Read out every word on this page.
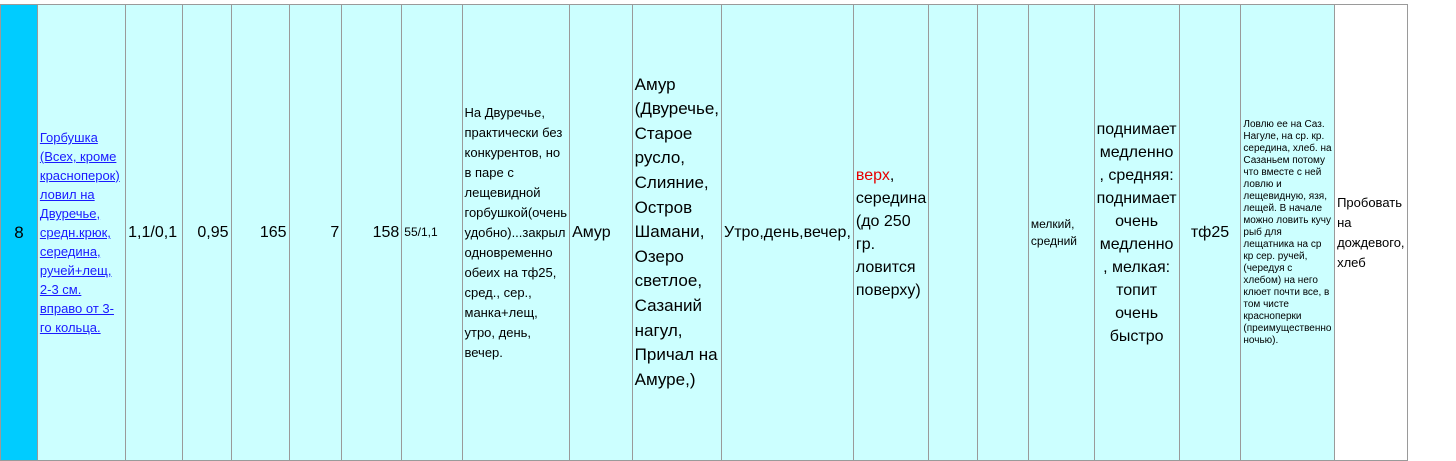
8	Горбушка (Всех, кроме красноперок) ловил на Двуречье, средн.крюк, середина, ручей+лещ, 2-3 см. вправо от 3-го кольца.	1,1/0,1	0,95	165	7	158	55/1,1	На Двуречье, практически без конкурентов, но в паре с лещевидной горбушкой(очень удобно)...закрыл одновременно обеих на тф25, сред., сер., манка+лещ, утро, день, вечер.	Амур	Амур (Двуречье, Старое русло, Слияние, Остров Шамани, Озеро светлое, Сазаний нагул, Причал на Амуре,)	Утро,день,вечер,	верх, середина (до 250 гр. ловится поверху)			мелкий, средний	поднимает медленно , средняя: поднимает очень медленно , мелкая: топит очень быстро	тф25	Ловлю ее на Саз. Нагуле, на ср. кр. середина, хлеб. на Сазаньем потому что вместе с ней ловлю и лещевидную, язя, лещей. В начале можно ловить кучу рыб для лещатника на ср кр сер. ручей, (чередуя с хлебом) на него клюет почти все, в том чисте красноперки (преимущественно ночью).	Пробовать на дождевого, хлеб
